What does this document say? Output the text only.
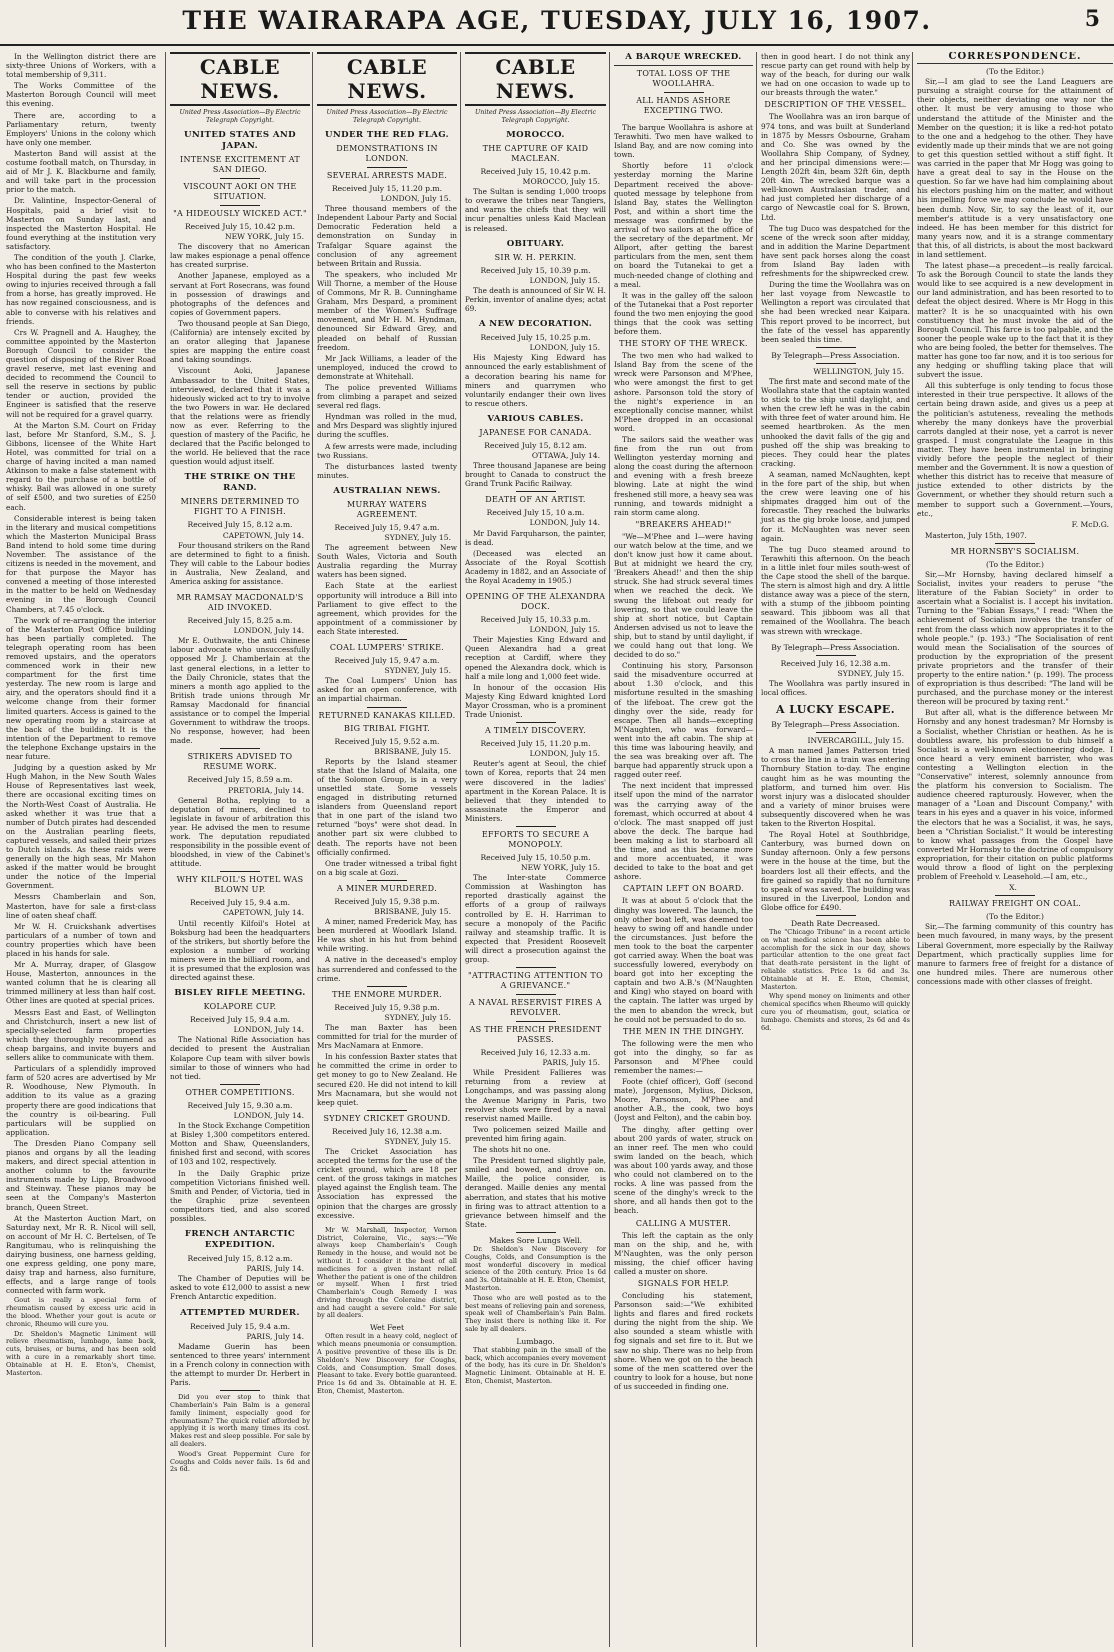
THE WAIRARAPA AGE, TUESDAY, JULY 16, 1907.	5

In the Wellington district there are sixty-three Unions of Workers, with a total membership of 9,311.

The Works Committee of the Masterton Borough Council will meet this evening.

There are, according to a Parliamentary return, twenty Employers' Unions in the colony which have only one member.

Masterton Band will assist at the costume football match, on Thursday, in aid of Mr J. K. Blackburne and family, and will take part in the procession prior to the match.

Dr. Valintine, Inspector-General of Hospitals, paid a brief visit to Masterton on Sunday last, and inspected the Masterton Hospital. He found everything at the institution very satisfactory.

The condition of the youth J. Clarke, who has been confined to the Masterton Hospital during the past few weeks owing to injuries received through a fall from a horse, has greatly improved. He has now regained consciousness, and is able to converse with his relatives and friends.

Crs W. Pragnell and A. Haughey, the committee appointed by the Masterton Borough Council to consider the question of disposing of the River Road gravel reserve, met last evening and decided to recommend the Council to sell the reserve in sections by public tender or auction, provided the Engineer is satisfied that the reserve will not be required for a gravel quarry.

At the Marton S.M. Court on Friday last, before Mr Stanford, S.M., S. J. Gibbons, licensee of the White Hart Hotel, was committed for trial on a charge of having incited a man named Atkinson to make a false statement with regard to the purchase of a bottle of whisky. Bail was allowed in one surety of self £500, and two sureties of £250 each.

Considerable interest is being taken in the literary and musical competitions which the Masterton Municipal Brass Band intend to hold some time during November. The assistance of the citizens is needed in the movement, and for that purpose the Mayor has convened a meeting of those interested in the matter to be held on Wednesday evening in the Borough Council Chambers, at 7.45 o'clock.

The work of re-arranging the interior of the Masterton Post Office building has been partially completed. The telegraph operating room has been removed upstairs, and the operators commenced work in their new compartment for the first time yesterday. The new room is large and airy, and the operators should find it a welcome change from their former limited quarters. Access is gained to the new operating room by a staircase at the back of the building. It is the intention of the Department to remove the telephone Exchange upstairs in the near future.

Judging by a question asked by Mr Hugh Mahon, in the New South Wales House of Representatives last week, there are occasional exciting times on the North-West Coast of Australia. He asked whether it was true that a number of Dutch pirates had descended on the Australian pearling fleets, captured vessels, and sailed their prizes to Dutch islands. As these raids were generally on the high seas, Mr Mahon asked if the matter would be brought under the notice of the Imperial Government.

Messrs Chamberlain and Son, Masterton, have for sale a first-class line of oaten sheaf chaff.

Mr W. H. Cruickshank advertises particulars of a number of town and country properties which have been placed in his hands for sale.

Mr A. Murray, draper, of Glasgow House, Masterton, announces in the wanted column that he is clearing all trimmed millinery at less than half cost. Other lines are quoted at special prices.

Messrs East and East, of Wellington and Christchurch, insert a new list of specially-selected farm properties which they thoroughly recommend as cheap bargains, and invite buyers and sellers alike to communicate with them.

Particulars of a splendidly improved farm of 520 acres are advertised by Mr R. Woodhouse, New Plymouth. In addition to its value as a grazing property there are good indications that the country is oil-bearing. Full particulars will be supplied on application.

The Dresden Piano Company sell pianos and organs by all the leading makers, and direct special attention in another column to the favourite instruments made by Lipp, Broadwood and Steinway. These pianos may be seen at the Company's Masterton branch, Queen Street.

At the Masterton Auction Mart, on Saturday next, Mr R. R. Nicol will sell, on account of Mr H. C. Bertelsen, of Te Rangitumau, who is relinquishing the dairying business, one harness gelding, one express gelding, one pony mare, daisy trap and harness, also furniture, effects, and a large range of tools connected with farm work.

Gout is really a special form of rheumatism caused by excess uric acid in the blood. Whether your gout is acute or chronic, Rheumo will cure you.

Dr. Sheldon's Magnetic Liniment will relieve rheumatism, lumbago, lame back, cuts, bruises, or burns, and has been sold with a cure in a remarkably short time. Obtainable at H. E. Eton's, Chemist, Masterton.

CABLE NEWS.
United Press Association—By Electric Telegraph Copyright.
UNITED STATES AND JAPAN.
INTENSE EXCITEMENT AT SAN DIEGO.
VISCOUNT AOKI ON THE SITUATION.
"A HIDEOUSLY WICKED ACT."
Received July 15, 10.42 p.m.
NEW YORK, July 15.

The discovery that no American law makes espionage a penal offence has created surprise.

Another Japanese, employed as a servant at Fort Rosecrans, was found in possession of drawings and photographs of the defences and copies of Government papers.

Two thousand people at San Diego, (California) are intensely excited by an orator alleging that Japanese spies are mapping the entire coast and taking soundings.

Viscount Aoki, Japanese Ambassador to the United States, interviewed, declared that it was a hideously wicked act to try to involve the two Powers in war. He declared that the relations were as friendly now as ever. Referring to the question of mastery of the Pacific, he declared that the Pacific belonged to the world. He believed that the race question would adjust itself.

THE STRIKE ON THE RAND.
MINERS DETERMINED TO FIGHT TO A FINISH.
Received July 15, 8.12 a.m.
CAPETOWN, July 14.

Four thousand strikers on the Rand are determined to fight to a finish. They will cable to the Labour bodies in Australia, New Zealand, and America asking for assistance.

MR RAMSAY MACDONALD'S AID INVOKED.
Received July 15, 8.25 a.m.
LONDON, July 14.

Mr E. Outhwaite, the anti Chinese labour advocate who unsuccessfully opposed Mr J. Chamberlain at the last general elections, in a letter to the Daily Chronicle, states that the miners a month ago applied to the British trade unions through Mr Ramsay Macdonald for financial assistance or to compel the Imperial Government to withdraw the troops. No response, however, had been made.

STRIKERS ADVISED TO RESUME WORK.
Received July 15, 8.59 a.m.
PRETORIA, July 14.

General Botha, replying to a deputation of miners, declined to legislate in favour of arbitration this year. He advised the men to resume work. The deputation repudiated responsibility in the possible event of bloodshed, in view of the Cabinet's attitude.

WHY KILFOIL'S HOTEL WAS BLOWN UP.
Received July 15, 9.4 a.m.
CAPETOWN, July 14.

Until recently Kilfoil's Hotel at Boksburg had been the headquarters of the strikers, but shortly before the explosion a number of working miners were in the billiard room, and it is presumed that the explosion was directed against these.

BISLEY RIFLE MEETING.
KOLAPORE CUP.
Received July 15, 9.4 a.m.
LONDON, July 14.

The National Rifle Association has decided to present the Australian Kolapore Cup team with silver bowls similar to those of winners who had not tied.

OTHER COMPETITIONS.
Received July 15, 9.30 a.m.
LONDON, July 14.

In the Stock Exchange Competition at Bisley 1,300 competitors entered. Motton and Shaw, Queenslanders, finished first and second, with scores of 103 and 102, respectively.

In the Daily Graphic prize competition Victorians finished well. Smith and Pender, of Victoria, tied in the Graphic prize seventeen competitors tied, and also scored possibles.

FRENCH ANTARCTIC EXPEDITION.
Received July 15, 8.12 a.m.
PARIS, July 14.

The Chamber of Deputies will be asked to vote £12,000 to assist a new French Antarctic expedition.

ATTEMPTED MURDER.
Received July 15, 9.4 a.m.
PARIS, July 14.

Madame Guerin has been sentenced to three years' internment in a French colony in connection with the attempt to murder Dr. Herbert in Paris.

Did you ever stop to think that Chamberlain's Pain Balm is a general family liniment, especially good for rheumatism? The quick relief afforded by applying it is worth many times its cost. Makes rest and sleep possible. For sale by all dealers.

Wood's Great Peppermint Cure for Coughs and Colds never fails. 1s 6d and 2s 6d.

CABLE NEWS.
United Press Association—By Electric Telegraph Copyright.
UNDER THE RED FLAG.
DEMONSTRATIONS IN LONDON.
SEVERAL ARRESTS MADE.
Received July 15, 11.20 p.m.
LONDON, July 15.

Three thousand members of the Independent Labour Party and Social Democratic Federation held a demonstration on Sunday in Trafalgar Square against the conclusion of any agreement between Britain and Russia.

The speakers, who included Mr Will Thorne, a member of the House of Commons, Mr R. B. Cunninghame Graham, Mrs Despard, a prominent member of the Women's Suffrage movement, and Mr H. M. Hyndman, denounced Sir Edward Grey, and pleaded on behalf of Russian freedom.

Mr Jack Williams, a leader of the unemployed, induced the crowd to demonstrate at Whitehall.

The police prevented Williams from climbing a parapet and seized several red flags.

Hyndman was rolled in the mud, and Mrs Despard was slightly injured during the scuffles.

A few arrests were made, including two Russians.

The disturbances lasted twenty minutes.

AUSTRALIAN NEWS.
MURRAY WATERS AGREEMENT.
Received July 15, 9.47 a.m.
SYDNEY, July 15.

The agreement between New South Wales, Victoria and South Australia regarding the Murray waters has been signed.

Each State at the earliest opportunity will introduce a Bill into Parliament to give effect to the agreement, which provides for the appointment of a commissioner by each State interested.

COAL LUMPERS' STRIKE.
Received July 15, 9.47 a.m.
SYDNEY, July 15.

The Coal Lumpers' Union has asked for an open conference, with an impartial chairman.

RETURNED KANAKAS KILLED.
BIG TRIBAL FIGHT.
Received July 15, 9.52 a.m.
BRISBANE, July 15.

Reports by the Island steamer state that the Island of Malaita, one of the Solomon Group, is in a very unsettled state. Some vessels engaged in distributing returned islanders from Queensland report that in one part of the island two returned "boys" were shot dead. In another part six were clubbed to death. The reports have not been officially confirmed.

One trader witnessed a tribal fight on a big scale at Gozi.

A MINER MURDERED.
Received July 15, 9.38 p.m.
BRISBANE, July 15.

A miner, named Frederick May, has been murdered at Woodlark Island. He was shot in his hut from behind while writing.

A native in the deceased's employ has surrendered and confessed to the crime.

THE ENMORE MURDER.
Received July 15, 9.38 p.m.
SYDNEY, July 15.

The man Baxter has been committed for trial for the murder of Mrs MacNamara at Enmore.

In his confession Baxter states that he committed the crime in order to get money to go to New Zealand. He secured £20. He did not intend to kill Mrs Macnamara, but she would not keep quiet.

SYDNEY CRICKET GROUND.
Received July 16, 12.38 a.m.
SYDNEY, July 15.

The Cricket Association has accepted the terms for the use of the cricket ground, which are 18 per cent. of the gross takings in matches played against the English team. The Association has expressed the opinion that the charges are grossly excessive.

Mr W. Marshall, Inspector, Vernon District, Coleraine, Vic., says:—"We always keep Chamberlain's Cough Remedy in the house, and would not be without it. I consider it the best of all medicines for a given instant relief. Whether the patient is one of the children or myself. When I first tried Chamberlain's Cough Remedy I was driving through the Coleraine district, and had caught a severe cold." For sale by all dealers.

Wet Feet

Often result in a heavy cold, neglect of which means pneumonia or consumption. A positive preventive of these ills is Dr. Sheldon's New Discovery for Coughs, Colds, and Consumption. Small doses. Pleasant to take. Every bottle guaranteed. Price 1s 6d and 3s. Obtainable at H. E. Eton, Chemist, Masterton.

CABLE NEWS.
United Press Association—By Electric Telegraph Copyright.
MOROCCO.
THE CAPTURE OF KAID MACLEAN.
Received July 15, 10.42 p.m.
MOROCCO, July 15.

The Sultan is sending 1,000 troops to overawe the tribes near Tangiers, and warns the chiefs that they will incur penalties unless Kaid Maclean is released.

OBITUARY.
SIR W. H. PERKIN.
Received July 15, 10.39 p.m.
LONDON, July 15.

The death is announced of Sir W. H. Perkin, inventor of analine dyes; actat 69.

A NEW DECORATION.
Received July 15, 10.25 p.m.
LONDON, July 15.

His Majesty King Edward has announced the early establishment of a decoration bearing his name for miners and quarrymen who voluntarily endanger their own lives to rescue others.

VARIOUS CABLES.
JAPANESE FOR CANADA.
Received July 15, 8.12 am.
OTTAWA, July 14.

Three thousand Japanese are being brought to Canada to construct the Grand Trunk Pacific Railway.

DEATH OF AN ARTIST.
Received July 15, 10 a.m.
LONDON, July 14.

Mr David Farquharson, the painter, is dead.

(Deceased was elected an Associate of the Royal Scottish Academy in 1882, and an Associate of the Royal Academy in 1905.)

OPENING OF THE ALEXANDRA DOCK.
Received July 15, 10.33 p.m.
LONDON, July 15.

Their Majesties King Edward and Queen Alexandra had a great reception at Cardiff, where they opened the Alexandra dock, which is half a mile long and 1,000 feet wide.

In honour of the occasion His Majesty King Edward knighted Lord Mayor Crossman, who is a prominent Trade Unionist.

A TIMELY DISCOVERY.
Received July 15, 11.20 p.m.
LONDON, July 15.

Reuter's agent at Seoul, the chief town of Korea, reports that 24 men were discovered in the ladies' apartment in the Korean Palace. It is believed that they intended to assassinate the Emperor and Ministers.

EFFORTS TO SECURE A MONOPOLY.
Received July 15, 10.50 p.m.
NEW YORK, July 15.

The Inter-state Commerce Commission at Washington has reported drastically against the efforts of a group of railways controlled by E. H. Harriman to secure a monopoly of the Pacific railway and steamship traffic. It is expected that President Roosevelt will direct a prosecution against the group.

"ATTRACTING ATTENTION TO A GRIEVANCE."
A NAVAL RESERVIST FIRES A REVOLVER.
AS THE FRENCH PRESIDENT PASSES.
Received July 16, 12.33 a.m.
PARIS, July 15.

While President Fallieres was returning from a review at Longchamps, and was passing along the Avenue Marigny in Paris, two revolver shots were fired by a naval reservist named Maille.

Two policemen seized Maille and prevented him firing again.

The shots hit no one.

The President turned slightly pale, smiled and bowed, and drove on. Maille, the police consider, is deranged. Maille denies any mental aberration, and states that his motive in firing was to attract attention to a grievance between himself and the State.

Makes Sore Lungs Well.

Dr. Sheldon's New Discovery for Coughs, Colds, and Consumption is the most wonderful discovery in medical science of the 20th century. Price 1s 6d and 3s. Obtainable at H. E. Eton, Chemist, Masterton.

Those who are well posted as to the best means of relieving pain and soreness, speak well of Chamberlain's Pain Balm. They insist there is nothing like it. For sale by all dealers.

Lumbago.

That stabbing pain in the small of the back, which accompanies every movement of the body, has its cure in Dr. Sheldon's Magnetic Liniment. Obtainable at H. E. Eton, Chemist, Masterton.

A BARQUE WRECKED.
TOTAL LOSS OF THE WOOLLAHRA.
ALL HANDS ASHORE EXCEPTING TWO.

The barque Woollahra is ashore at Terawhiti. Two men have walked to Island Bay, and are now coming into town.

Shortly before 11 o'clock yesterday morning the Marine Department received the above-quoted message by telephone from Island Bay, states the Wellington Post, and within a short time the message was confirmed by the arrival of two sailors at the office of the secretary of the department. Mr Allport, after getting the barest particulars from the men, sent them on board the Tutanekai to get a much-needed change of clothing and a meal.

It was in the galley off the saloon of the Tutanekai that a Post reporter found the two men enjoying the good things that the cook was setting before them.

THE STORY OF THE WRECK.

The two men who had walked to Island Bay from the scene of the wreck were Parsonson and M'Phee, who were amongst the first to get ashore. Parsonson told the story of the night's experience in an exceptionally concise manner, whilst M'Phee dropped in an occasional word.

The sailors said the weather was fine from the run out from Wellington yesterday morning and along the coast during the afternoon and evening with a fresh breeze blowing. Late at night the wind freshened still more, a heavy sea was running, and towards midnight a rain storm came along.

"BREAKERS AHEAD!"

"We—M'Phee and I—were having our watch below at the time, and we don't know just how it came about. But at midnight we heard the cry, 'Breakers Ahead!' and then the ship struck. She had struck several times when we reached the deck. We swung the lifeboat out ready for lowering, so that we could leave the ship at short notice, but Captain Andersen advised us not to leave the ship, but to stand by until daylight, if we could hang out that long. We decided to do so."

Continuing his story, Parsonson said the misadventure occurred at about 1.30 o'clock, and this misfortune resulted in the smashing of the lifeboat. The crew got the dinghy over the side, ready for escape. Then all hands—excepting M'Naughten, who was forward—went into the aft cabin. The ship at this time was labouring heavily, and the sea was breaking over aft. The barque had apparently struck upon a ragged outer reef.

The next incident that impressed itself upon the mind of the narrator was the carrying away of the foremast, which occurred at about 4 o'clock. The mast snapped off just above the deck. The barque had been making a list to starboard all the time, and as this became more and more accentuated, it was decided to take to the boat and get ashore.

CAPTAIN LEFT ON BOARD.

It was at about 5 o'clock that the dinghy was lowered. The launch, the only other boat left, was deemed too heavy to swing off and handle under the circumstances. Just before the men took to the boat the carpenter got carried away. When the boat was successfully lowered, everybody on board got into her excepting the captain and two A.B.'s (M'Naughten and King) who stayed on board with the captain. The latter was urged by the men to abandon the wreck, but he could not be persuaded to do so.

THE MEN IN THE DINGHY.

The following were the men who got into the dinghy, so far as Parsonson and M'Phee could remember the names:—

Foote (chief officer), Goff (second mate), Jorgenson, Mylius, Dickson, Moore, Parsonson, M'Phee and another A.B., the cook, two boys (Joyst and Felton), and the cabin boy.

The dinghy, after getting over about 200 yards of water, struck on an inner reef. The men who could swim landed on the beach, which was about 100 yards away, and those who could not clambered on to the rocks. A line was passed from the scene of the dinghy's wreck to the shore, and all hands then got to the beach.

CALLING A MUSTER.

This left the captain as the only man on the ship, and he, with M'Naughten, was the only person missing, the chief officer having called a muster on shore.

SIGNALS FOR HELP.

Concluding his statement, Parsonson said:—"We exhibited lights and flares and fired rockets during the night from the ship. We also sounded a steam whistle with fog signals and set fire to it. But we saw no ship. There was no help from shore. When we got on to the beach some of the men scattered over the country to look for a house, but none of us succeeded in finding one.

then in good heart. I do not think any rescue party can get round with help by way of the beach, for during our walk we had on one occasion to wade up to our breasts through the water."

DESCRIPTION OF THE VESSEL.

The Woollahra was an iron barque of 974 tons, and was built at Sunderland in 1875 by Messrs Osbourne, Graham and Co. She was owned by the Woollahra Ship Company, of Sydney, and her principal dimensions were:—Length 202ft 4in, beam 32ft 6in, depth 20ft 4in. The wrecked barque was a well-known Australasian trader, and had just completed her discharge of a cargo of Newcastle coal for S. Brown, Ltd.

The tug Duco was despatched for the scene of the wreck soon after midday, and in addition the Marine Department have sent pack horses along the coast from Island Bay laden with refreshments for the shipwrecked crew.

During the time the Woollahra was on her last voyage from Newcastle to Wellington a report was circulated that she had been wrecked near Kaipara. This report proved to be incorrect, but the fate of the vessel has apparently been sealed this time.

By Telegraph—Press Association.
WELLINGTON, July 15.

The first mate and second mate of the Woollahra state that the captain wanted to stick to the ship until daylight, and when the crew left he was in the cabin with three feet of water around him. He seemed heartbroken. As the men unhooked the davit falls of the gig and pushed off the ship was breaking to pieces. They could hear the plates cracking.

A seaman, named McNaughten, kept in the fore part of the ship, but when the crew were leaving one of his shipmates dragged him out of the forecastle. They reached the bulwarks just as the gig broke loose, and jumped for it. McNaughten was never seen again.

The tug Duco steamed around to Terawhiti this afternoon. On the beach in a little inlet four miles south-west of the Cape stood the shell of the barque. The stern is almost high and dry. A little distance away was a piece of the stern, with a stump of the jibboom pointing seaward. This jibboom was all that remained of the Woollahra. The beach was strewn with wreckage.

By Telegraph—Press Association.
Received July 16, 12.38 a.m.
SYDNEY, July 15.

The Woollahra was partly insured in local offices.

A LUCKY ESCAPE.
By Telegraph—Press Association.
INVERCARGILL, July 15.

A man named James Patterson tried to cross the line in a train was entering Thornbury Station to-day. The engine caught him as he was mounting the platform, and turned him over. His worst injury was a dislocated shoulder and a variety of minor bruises were subsequently discovered when he was taken to the Riverton Hospital.

The Royal Hotel at Southbridge, Canterbury, was burned down on Sunday afternoon. Only a few persons were in the house at the time, but the boarders lost all their effects, and the fire gained so rapidly that no furniture to speak of was saved. The building was insured in the Liverpool, London and Globe office for £490.

Death Rate Decreased.

The "Chicago Tribune" in a recent article on what medical science has been able to accomplish for the sick in our day, shows particular attention to the one great fact that death-rate persistent in the light of reliable statistics. Price 1s 6d and 3s. Obtainable at H. E. Eton, Chemist, Masterton.

Why spend money on liniments and other chemical specifics when Rheumo will quickly cure you of rheumatism, gout, sciatica or lumbago. Chemists and stores, 2s 6d and 4s 6d.

CORRESPONDENCE.
(To the Editor.)

Sir,—I am glad to see the Land Leaguers are pursuing a straight course for the attainment of their objects, neither deviating one way nor the other. It must be very amusing to those who understand the attitude of the Minister and the Member on the question; it is like a red-hot potato to the one and a hedgehog to the other. They have evidently made up their minds that we are not going to get this question settled without a stiff fight. It was carried in the paper that Mr Hogg was going to have a great deal to say in the House on the question. So far we have had him complaining about his electors pushing him on the matter, and without his impelling force we may conclude he would have been dumb. Now, Sir, to say the least of it, our member's attitude is a very unsatisfactory one indeed. He has been member for this district for many years now, and it is a strange commentary that this, of all districts, is about the most backward in land settlement.

The latest phase—a precedent—is really farcical. To ask the Borough Council to state the lands they would like to see acquired is a new development in our land administration, and has been resorted to to defeat the object desired. Where is Mr Hogg in this matter? It is he so unacquainted with his own constituency that he must invoke the aid of the Borough Council. This farce is too palpable, and the sooner the people wake up to the fact that it is they who are being fooled, the better for themselves. The matter has gone too far now, and it is too serious for any hedging or shuffling taking place that will subvert the issue.

All this subterfuge is only tending to focus those interested in their true perspective. It allows of the certain being drawn aside, and gives us a peep at the politician's astuteness, revealing the methods whereby the many donkeys have the proverbial carrots dangled at their nose, yet a carrot is never grasped. I must congratulate the League in this matter. They have been instrumental in bringing vividly before the people the neglect of their member and the Government. It is now a question of whether this district has to receive that measure of justice extended to other districts by the Government, or whether they should return such a member to support such a Government.—Yours, etc.,

F. McD.G.

Masterton, July 15th, 1907.

MR HORNSBY'S SOCIALISM.
(To the Editor.)

Sir,—Mr Hornsby, having declared himself a Socialist, invites your readers to peruse "the literature of the Fabian Society" in order to ascertain what a Socialist is. I accept his invitation. Turning to the "Fabian Essays," I read: "When the achievement of Socialism involves the transfer of rent from the class which now appropriates it to the whole people." (p. 193.) "The Socialisation of rent would mean the Socialisation of the sources of production by the expropriation of the present private proprietors and the transfer of their property to the entire nation." (p. 199). The process of expropriation is thus described: "The land will be purchased, and the purchase money or the interest thereon will be procured by taxing rent."

But after all, what is the difference between Mr Hornsby and any honest tradesman? Mr Hornsby is a Socialist, whether Christian or heathen. As he is doubtless aware, his profession to dub himself a Socialist is a well-known electioneering dodge. I once heard a very eminent barrister, who was contesting a Wellington election in the "Conservative" interest, solemnly announce from the platform his conversion to Socialism. The audience cheered rapturously. However, when the manager of a "Loan and Discount Company," with tears in his eyes and a quaver in his voice, informed the electors that he was a Socialist, it was, he says, been a "Christian Socialist." It would be interesting to know what passages from the Gospel have converted Mr Hornsby to the doctrine of compulsory expropriation, for their citation on public platforms would throw a flood of light on the perplexing problem of Freehold v. Leasehold.—I am, etc.,

X.
RAILWAY FREIGHT ON COAL.
(To the Editor.)

Sir,—The farming community of this country has been much favoured, in many ways, by the present Liberal Government, more especially by the Railway Department, which practically supplies lime for manure to farmers free of freight for a distance of one hundred miles. There are numerous other concessions made with other classes of freight.
